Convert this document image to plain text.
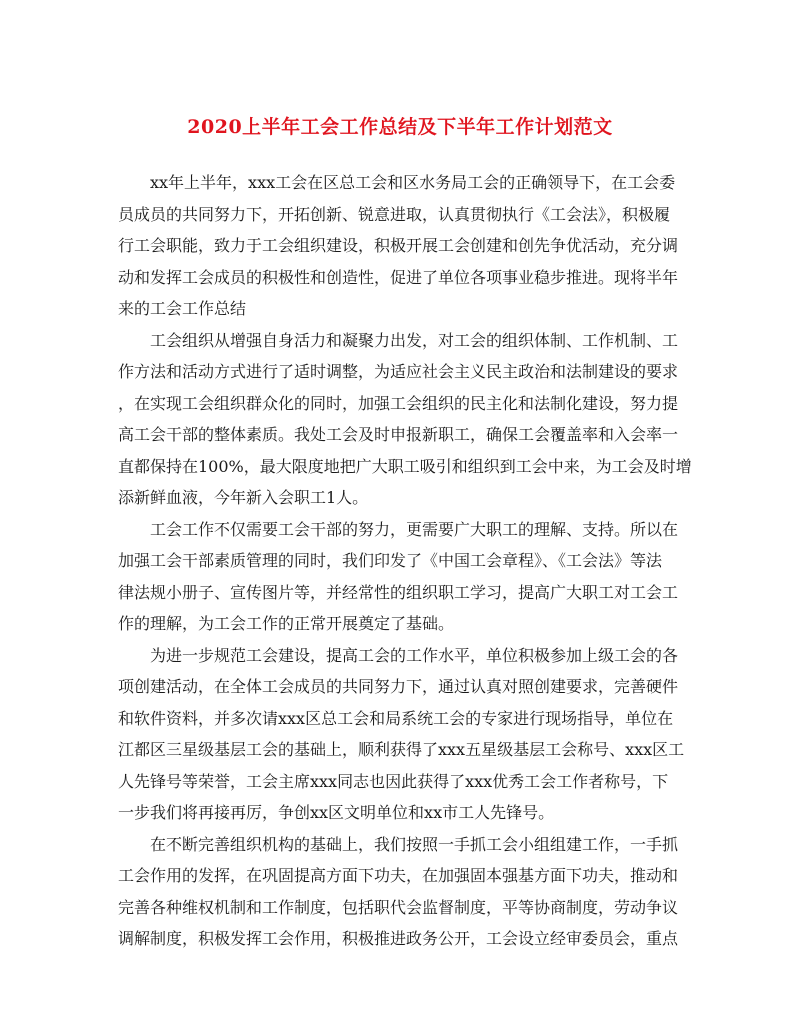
2020上半年工会工作总结及下半年工作计划范文
xx年上半年，xxx工会在区总工会和区水务局工会的正确领导下，在工会委
员成员的共同努力下，开拓创新、锐意进取，认真贯彻执行《工会法》，积极履
行工会职能，致力于工会组织建设，积极开展工会创建和创先争优活动，充分调
动和发挥工会成员的积极性和创造性，促进了单位各项事业稳步推进。现将半年
来的工会工作总结
工会组织从增强自身活力和凝聚力出发，对工会的组织体制、工作机制、工
作方法和活动方式进行了适时调整，为适应社会主义民主政治和法制建设的要求
，在实现工会组织群众化的同时，加强工会组织的民主化和法制化建设，努力提
高工会干部的整体素质。我处工会及时申报新职工，确保工会覆盖率和入会率一
直都保持在100%，最大限度地把广大职工吸引和组织到工会中来，为工会及时增
添新鲜血液，今年新入会职工1人。
工会工作不仅需要工会干部的努力，更需要广大职工的理解、支持。所以在
加强工会干部素质管理的同时，我们印发了《中国工会章程》、《工会法》等法
律法规小册子、宣传图片等，并经常性的组织职工学习，提高广大职工对工会工
作的理解，为工会工作的正常开展奠定了基础。
为进一步规范工会建设，提高工会的工作水平，单位积极参加上级工会的各
项创建活动，在全体工会成员的共同努力下，通过认真对照创建要求，完善硬件
和软件资料，并多次请xxx区总工会和局系统工会的专家进行现场指导，单位在
江都区三星级基层工会的基础上，顺利获得了xxx五星级基层工会称号、xxx区工
人先锋号等荣誉，工会主席xxx同志也因此获得了xxx优秀工会工作者称号，下
一步我们将再接再厉，争创xx区文明单位和xx市工人先锋号。
在不断完善组织机构的基础上，我们按照一手抓工会小组组建工作，一手抓
工会作用的发挥，在巩固提高方面下功夫，在加强固本强基方面下功夫，推动和
完善各种维权机制和工作制度，包括职代会监督制度，平等协商制度，劳动争议
调解制度，积极发挥工会作用，积极推进政务公开，工会设立经审委员会，重点
